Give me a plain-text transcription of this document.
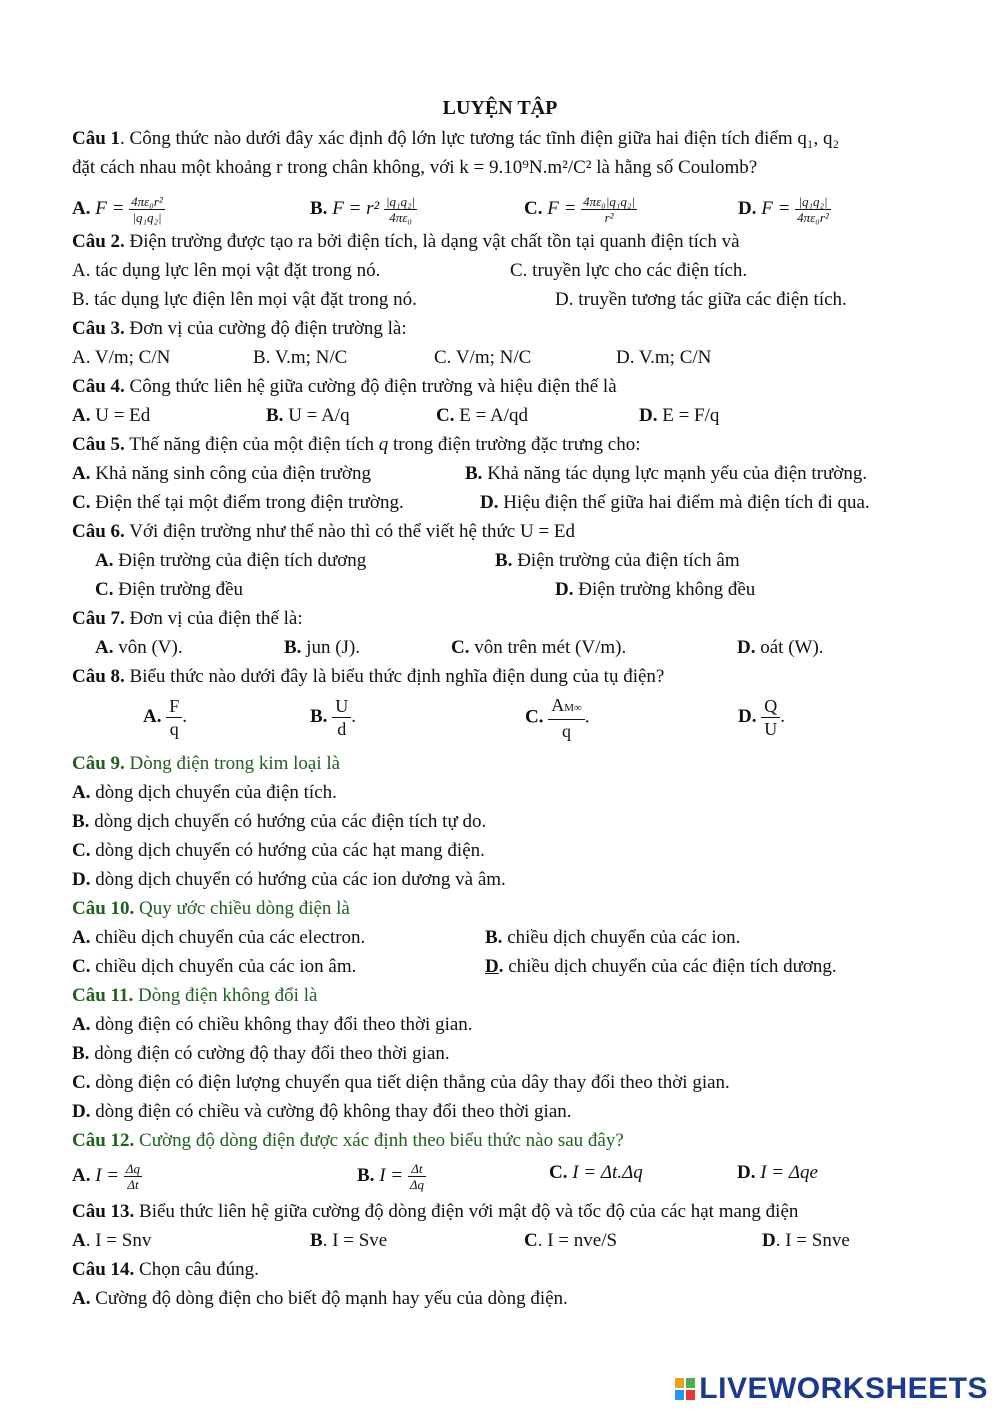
LUYỆN TẬP
Câu 1. Công thức nào dưới đây xác định độ lớn lực tương tác tĩnh điện giữa hai điện tích điểm q₁, q₂
đặt cách nhau một khoảng r trong chân không, với k = 9.10⁹N.m²/C² là hằng số Coulomb?
A. $F = \frac{\text{4πε₀r²}}{\text{|q₁q₂|}}$	B. $F = r^2 \frac{\text{|q₁q₂|}}{\text{4πε₀}}$	C. $F = \frac{\text{4πε₀|q₁q₂|}}{\text{r²}}$	D. $F = \frac{\text{|q₁q₂|}}{\text{4πε₀r²}}$
Câu 2. Điện trường được tạo ra bởi điện tích, là dạng vật chất tồn tại quanh điện tích và
A. tác dụng lực lên mọi vật đặt trong nó.	C. truyền lực cho các điện tích.
B. tác dụng lực điện lên mọi vật đặt trong nó.	D. truyền tương tác giữa các điện tích.
Câu 3. Đơn vị của cường độ điện trường là:
A. V/m; C/N	B. V.m; N/C	C. V/m; N/C	D. V.m; C/N
Câu 4. Công thức liên hệ giữa cường độ điện trường và hiệu điện thế là
A. U = Ed	B. U = A/q	C. E = A/qd	D. E = F/q
Câu 5. Thế năng điện của một điện tích q trong điện trường đặc trưng cho:
A. Khả năng sinh công của điện trường	B. Khả năng tác dụng lực mạnh yếu của điện trường.
C. Điện thế tại một điểm trong điện trường.	D. Hiệu điện thế giữa hai điểm mà điện tích đi qua.
Câu 6. Với điện trường như thế nào thì có thể viết hệ thức U = Ed
A. Điện trường của điện tích dương	B. Điện trường của điện tích âm
C. Điện trường đều	D. Điện trường không đều
Câu 7. Đơn vị của điện thế là:
A. vôn (V).	B. jun (J).	C. vôn trên mét (V/m).	D. oát (W).
Câu 8. Biểu thức nào dưới đây là biểu thức định nghĩa điện dung của tụ điện?
A. $\frac{F}{q}$ .	B. $\frac{U}{d}$ .	C. $\frac{AM\infty}{q}$ .	D. $\frac{Q}{U}$ .
Câu 9. Dòng điện trong kim loại là
A. dòng dịch chuyển của điện tích.
B. dòng dịch chuyển có hướng của các điện tích tự do.
C. dòng dịch chuyển có hướng của các hạt mang điện.
D. dòng dịch chuyển có hướng của các ion dương và âm.
Câu 10. Quy ước chiều dòng điện là
A. chiều dịch chuyển của các electron.	B. chiều dịch chuyển của các ion.
C. chiều dịch chuyển của các ion âm.	D. chiều dịch chuyển của các điện tích dương.
Câu 11. Dòng điện không đổi là
A. dòng điện có chiều không thay đổi theo thời gian.
B. dòng điện có cường độ thay đổi theo thời gian.
C. dòng điện có điện lượng chuyển qua tiết diện thẳng của dây thay đổi theo thời gian.
D. dòng điện có chiều và cường độ không thay đổi theo thời gian.
Câu 12. Cường độ dòng điện được xác định theo biểu thức nào sau đây?
A. $I = \frac{\Delta q}{\Delta t}$	B. $I = \frac{\Delta t}{\Delta q}$	C. I = Δt.Δq	D. I = Δqe
Câu 13. Biểu thức liên hệ giữa cường độ dòng điện với mật độ và tốc độ của các hạt mang điện
A. I = Snv	B. I = Sve	C. I = nve/S	D. I = Snve
Câu 14. Chọn câu đúng.
A. Cường độ dòng điện cho biết độ mạnh hay yếu của dòng điện.
LIVEWORKSHEETS
